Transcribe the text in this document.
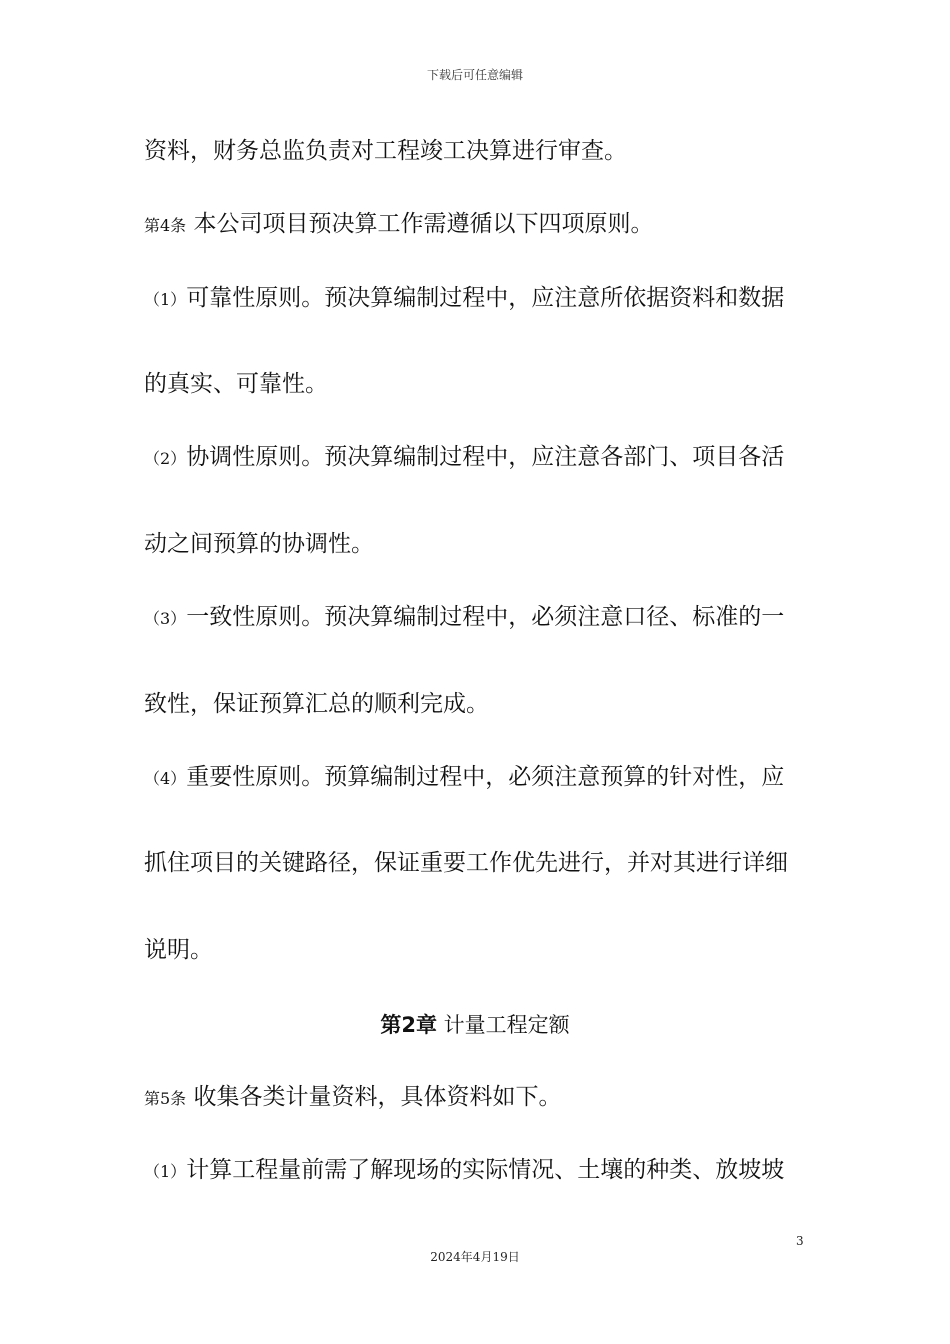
下载后可任意编辑
资料，财务总监负责对工程竣工决算进行审查。
第4条 本公司项目预决算工作需遵循以下四项原则。
（1）可靠性原则。预决算编制过程中，应注意所依据资料和数据
的真实、可靠性。
（2）协调性原则。预决算编制过程中，应注意各部门、项目各活
动之间预算的协调性。
（3）一致性原则。预决算编制过程中，必须注意口径、标准的一
致性，保证预算汇总的顺利完成。
（4）重要性原则。预算编制过程中，必须注意预算的针对性，应
抓住项目的关键路径，保证重要工作优先进行，并对其进行详细
说明。
第2章 计量工程定额
第5条 收集各类计量资料，具体资料如下。
（1）计算工程量前需了解现场的实际情况、土壤的种类、放坡坡
3
2024年4月19日
